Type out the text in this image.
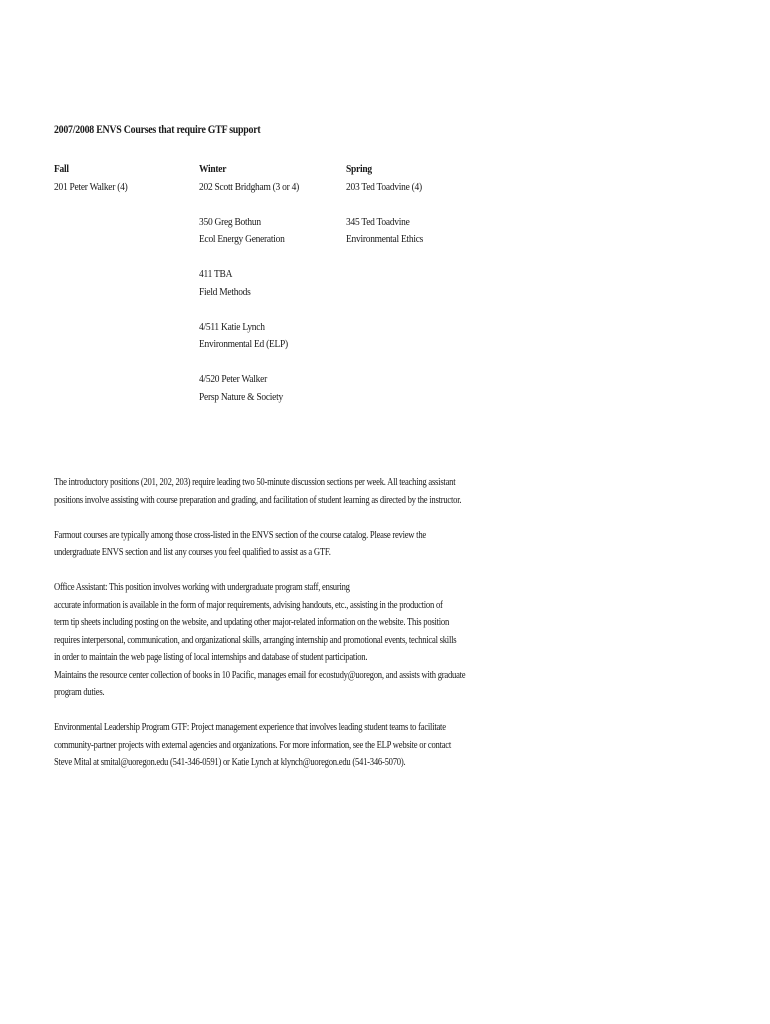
2007/2008 ENVS Courses that require GTF support
Fall
201 Peter Walker (4)
Winter
202 Scott Bridgham (3 or 4)
350 Greg Bothun
Ecol Energy Generation
411 TBA
Field Methods
4/511 Katie Lynch
Environmental Ed (ELP)
4/520 Peter Walker
Persp Nature & Society
Spring
203 Ted Toadvine (4)
345 Ted Toadvine
Environmental Ethics

The introductory positions (201, 202, 203) require leading two 50-minute discussion sections per week. All teaching assistant
positions involve assisting with course preparation and grading, and facilitation of student learning as directed by the instructor.

Farmout courses are typically among those cross-listed in the ENVS section of the course catalog. Please review the
undergraduate ENVS section and list any courses you feel qualified to assist as a GTF.

Office Assistant: This position involves working with undergraduate program staff, ensuring
accurate information is available in the form of major requirements, advising handouts, etc., assisting in the production of
term tip sheets including posting on the website, and updating other major-related information on the website. This position
requires interpersonal, communication, and organizational skills, arranging internship and promotional events, technical skills
in order to maintain the web page listing of local internships and database of student participation.
Maintains the resource center collection of books in 10 Pacific, manages email for ecostudy@uoregon, and assists with graduate
program duties.

Environmental Leadership Program GTF: Project management experience that involves leading student teams to facilitate
community-partner projects with external agencies and organizations. For more information, see the ELP website or contact
Steve Mital at smital@uoregon.edu (541-346-0591) or Katie Lynch at klynch@uoregon.edu (541-346-5070).
